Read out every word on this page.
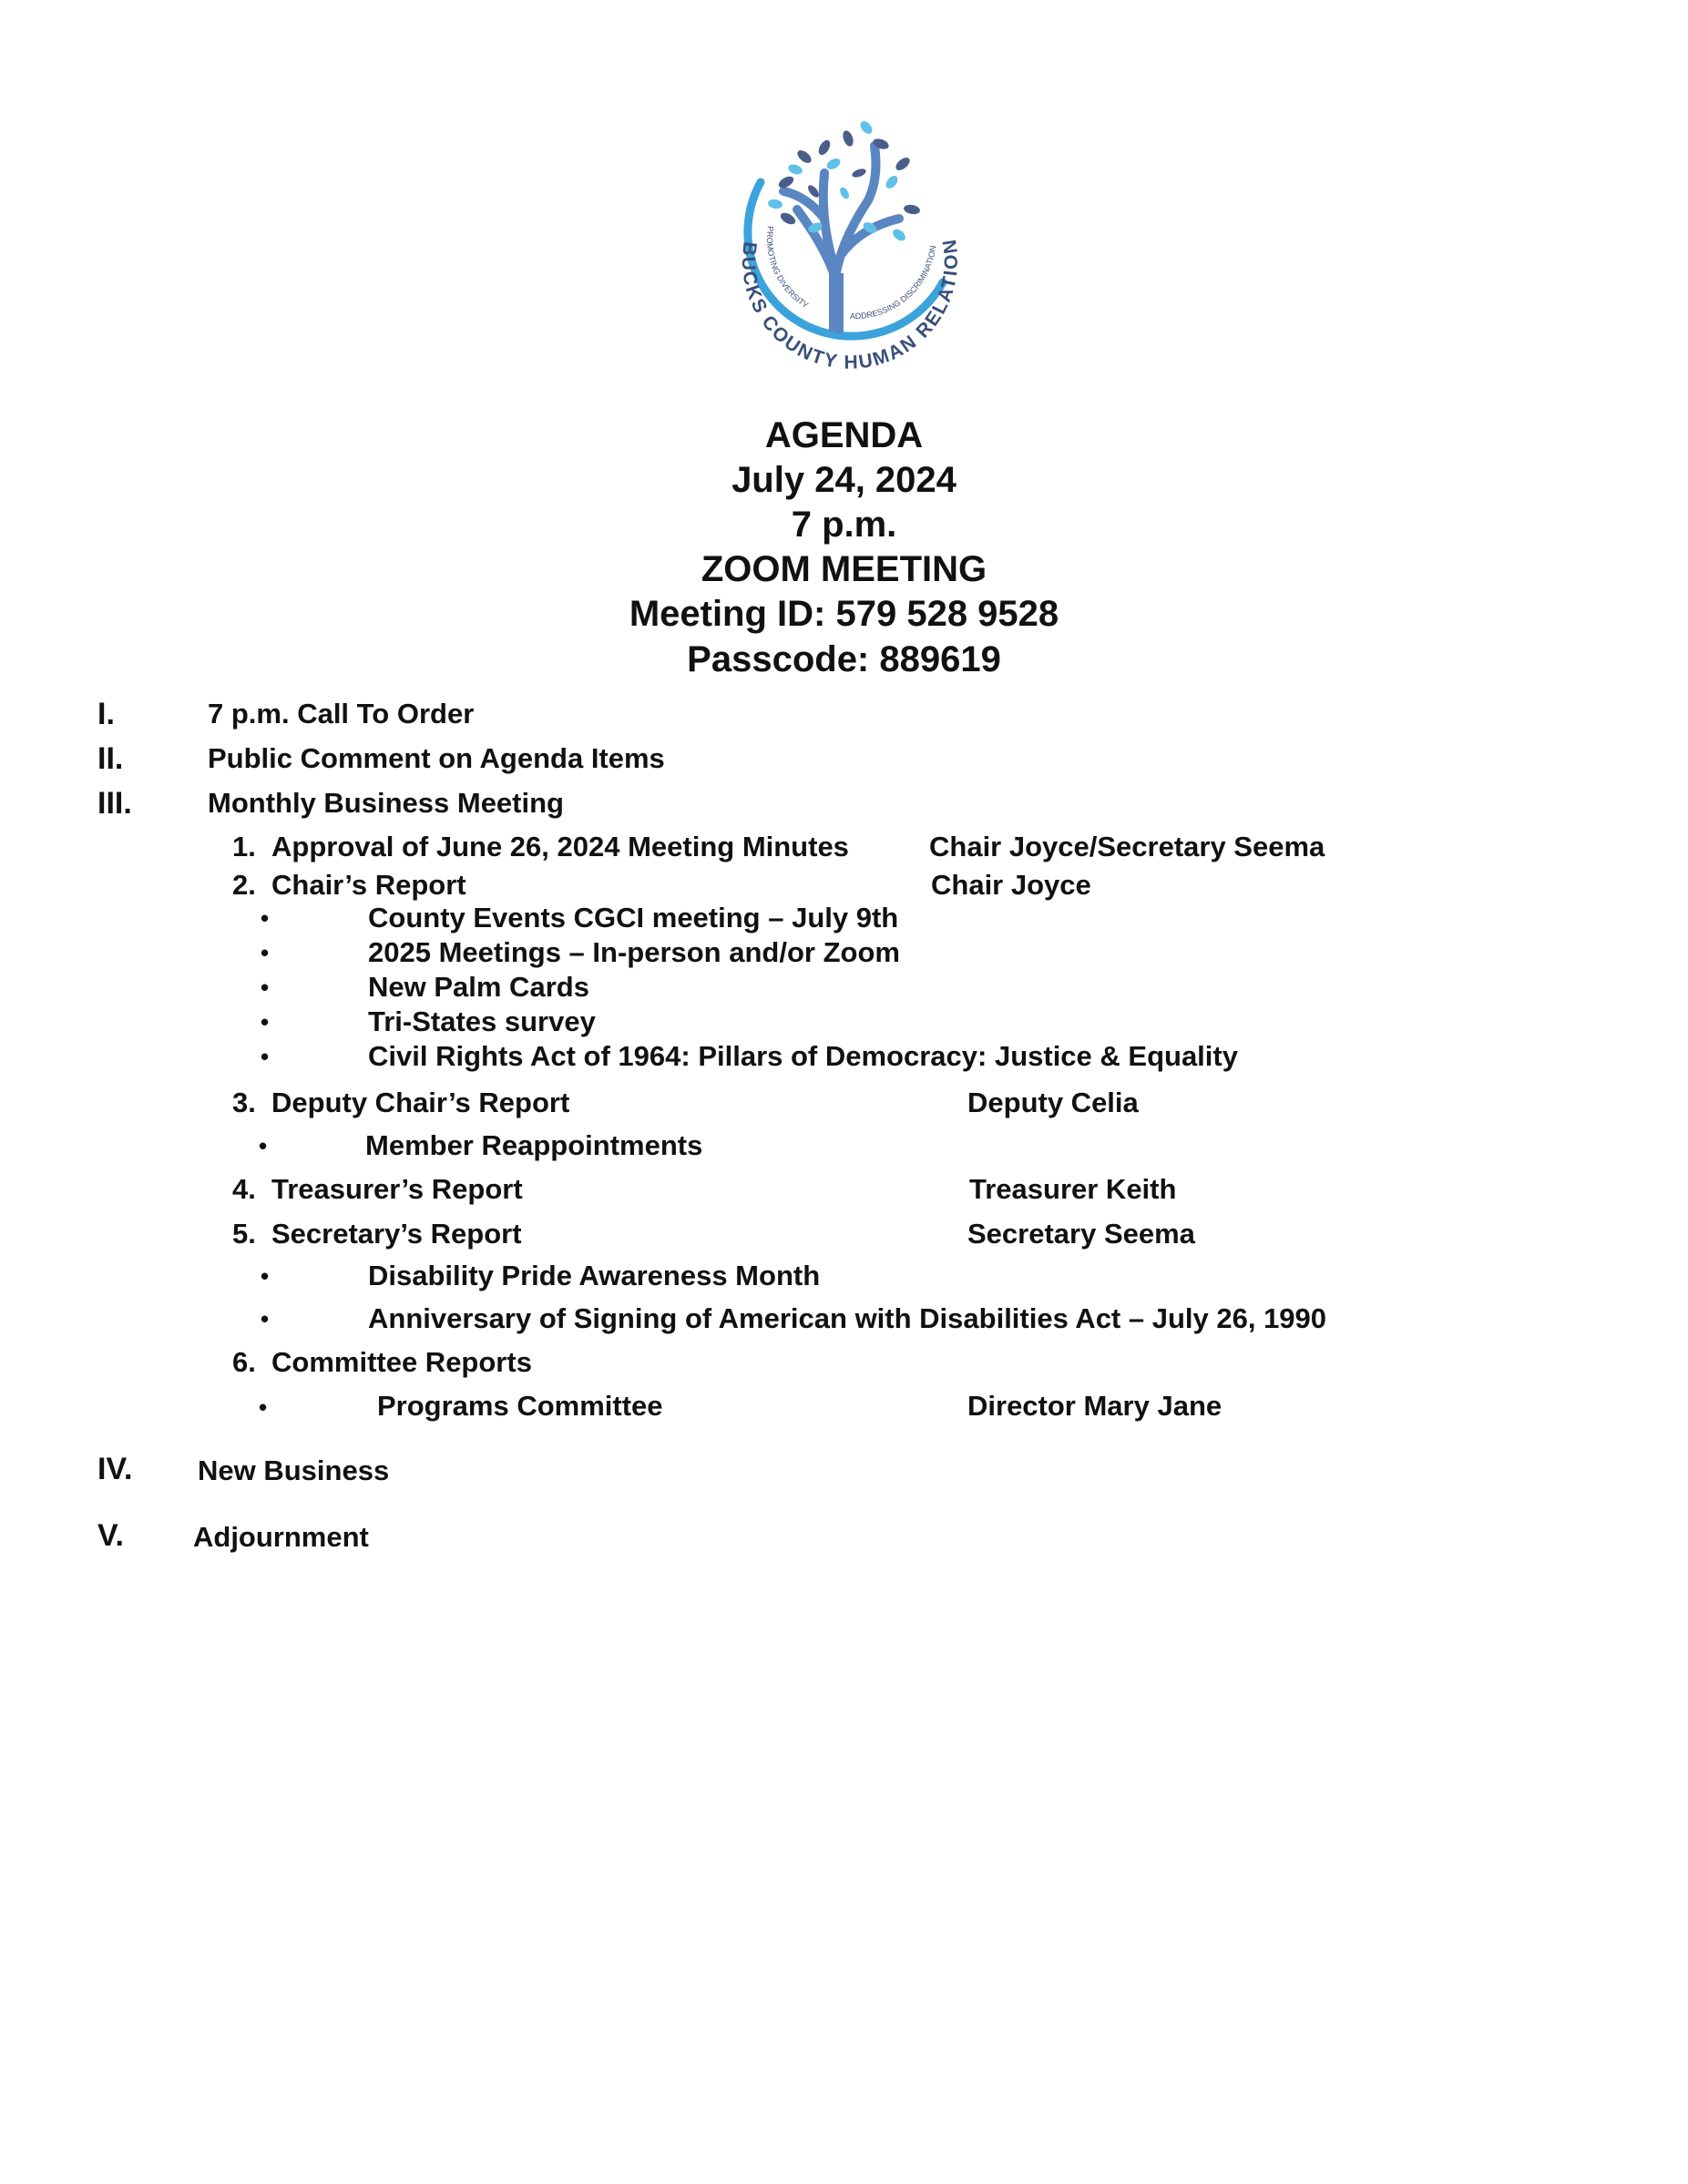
BUCKS COUNTY HUMAN RELATION
PROMOTING DIVERSITY
ADDRESSING DISCRIMINATION
AGENDA
July 24, 2024
7 p.m.
ZOOM MEETING
Meeting ID: 579 528 9528
Passcode: 889619
I.	7 p.m. Call To Order
II.	Public Comment on Agenda Items
III.	Monthly Business Meeting
1. Approval of June 26, 2024 Meeting Minutes	Chair Joyce/Secretary Seema
2. Chair’s Report	Chair Joyce
•	County Events CGCI meeting – July 9th
•	2025 Meetings – In-person and/or Zoom
•	New Palm Cards
•	Tri-States survey
•	Civil Rights Act of 1964: Pillars of Democracy: Justice & Equality
3. Deputy Chair’s Report	Deputy Celia
•	Member Reappointments
4. Treasurer’s Report	Treasurer Keith
5. Secretary’s Report	Secretary Seema
•	Disability Pride Awareness Month
•	Anniversary of Signing of American with Disabilities Act – July 26, 1990
6. Committee Reports
•	Programs Committee	Director Mary Jane
IV. New Business
V. Adjournment
